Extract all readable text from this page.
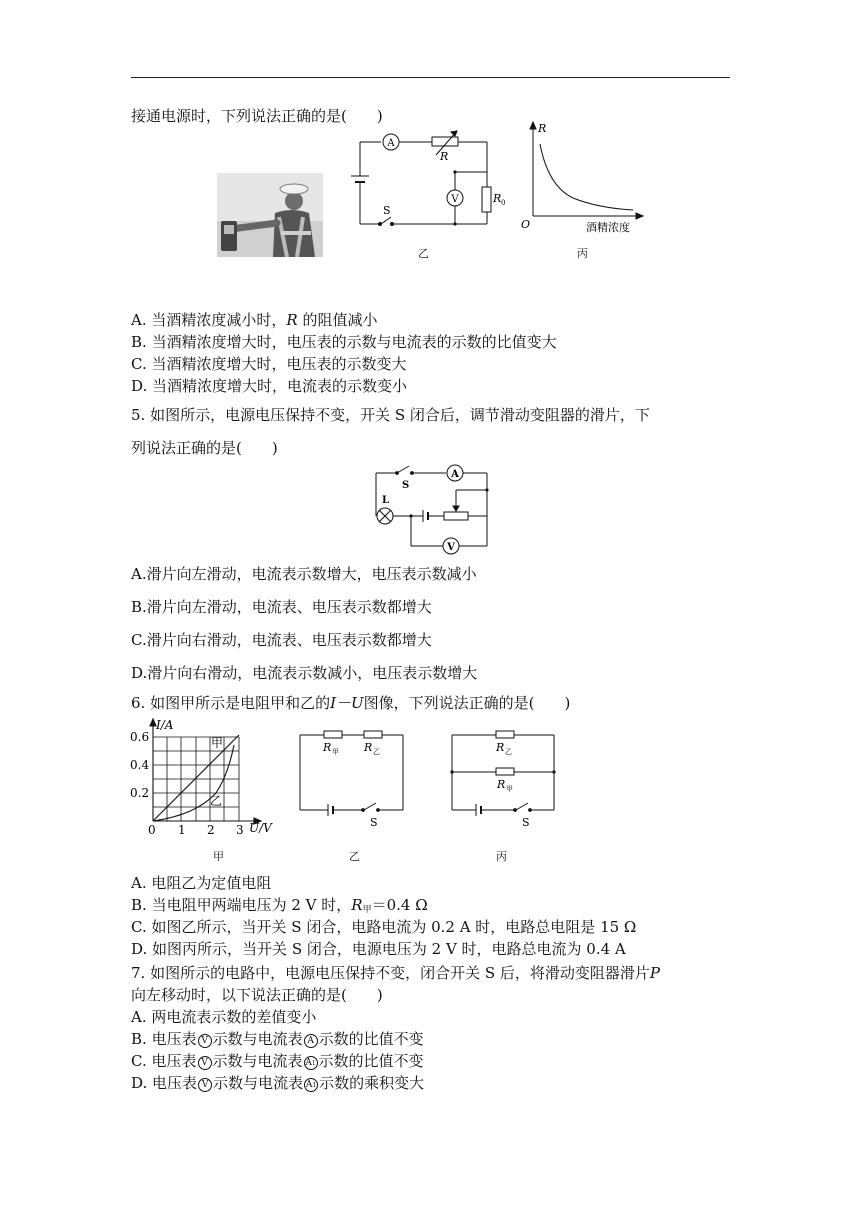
接通电源时，下列说法正确的是(　　)
A
R
V	R 0
S
乙
R
O	酒精浓度
丙
A. 当酒精浓度减小时，R 的阻值减小
B. 当酒精浓度增大时，电压表的示数与电流表的示数的比值变大
C. 当酒精浓度增大时，电压表的示数变大
D. 当酒精浓度增大时，电流表的示数变小
5. 如图所示，电源电压保持不变，开关 S 闭合后，调节滑动变阻器的滑片，下
列说法正确的是(　　)
S
A
L
V
A.滑片向左滑动，电流表示数增大，电压表示数减小
B.滑片向左滑动，电流表、电压表示数都增大
C.滑片向右滑动，电流表、电压表示数都增大
D.滑片向右滑动，电流表示数减小，电压表示数增大
6. 如图甲所示是电阻甲和乙的I－U图像，下列说法正确的是(　　)
I/A
U/V
0.6
0.4
0.2
0 1 2 3
甲
乙
甲
R 甲 R 乙
S
乙
R 乙
R 甲
S
丙
A. 电阻乙为定值电阻
B. 当电阻甲两端电压为 2 V 时，$R_甲=0.4$ Ω
C. 如图乙所示，当开关 S 闭合，电路电流为 0.2 A 时，电路总电阻是 15 Ω
D. 如图丙所示，当开关 S 闭合，电源电压为 2 V 时，电路总电流为 0.4 A
7. 如图所示的电路中，电源电压保持不变，闭合开关 S 后，将滑动变阻器滑片P
向左移动时，以下说法正确的是(　　)
A. 两电流表示数的差值变小
B. 电压表 V 示数与电流表 A 示数的比值不变
C. 电压表 V 示数与电流表 A1 示数的比值不变
D. 电压表 V 示数与电流表 A1 示数的乘积变大
